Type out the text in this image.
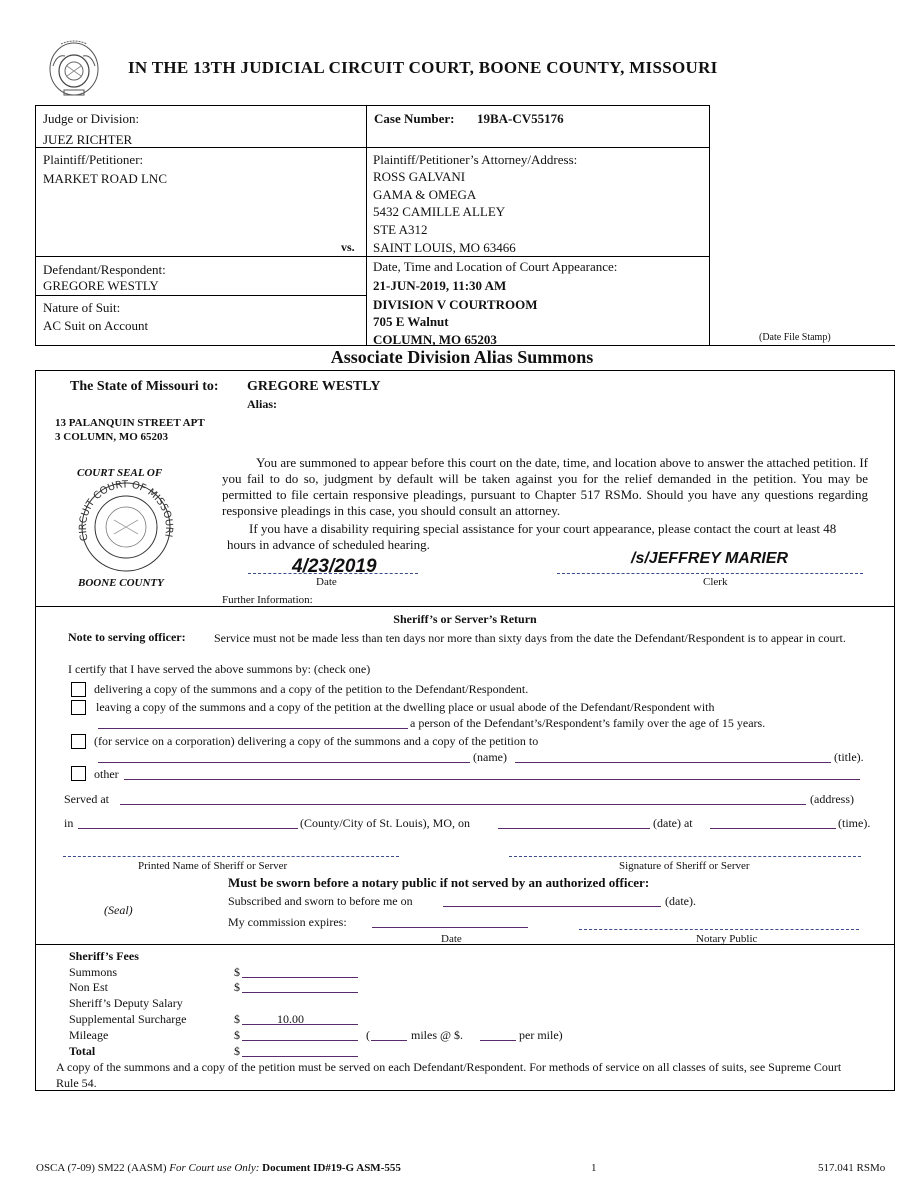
IN THE 13TH JUDICIAL CIRCUIT COURT, BOONE COUNTY, MISSOURI
Judge or Division:
JUEZ RICHTER
Case Number: 19BA-CV55176
Plaintiff/Petitioner:
MARKET ROAD LNC
vs.
Plaintiff/Petitioner’s Attorney/Address:
ROSS GALVANI
GAMA & OMEGA
5432 CAMILLE ALLEY
STE A312
SAINT LOUIS, MO 63466
Defendant/Respondent:
GREGORE WESTLY
Nature of Suit:
AC Suit on Account
Date, Time and Location of Court Appearance:
21-JUN-2019, 11:30 AM
DIVISION V COURTROOM
705 E Walnut
COLUMN, MO 65203	(Date File Stamp)
Associate Division Alias Summons
The State of Missouri to: GREGORE WESTLY
Alias:
13 PALANQUIN STREET APT
3 COLUMN, MO 65203
COURT SEAL OF
CIRCUIT COURT OF MISSOURI
BOONE COUNTY
You are summoned to appear before this court on the date, time, and location above to answer the attached petition. If you fail to do so, judgment by default will be taken against you for the relief demanded in the petition. You may be permitted to file certain responsive pleadings, pursuant to Chapter 517 RSMo. Should you have any questions regarding responsive pleadings in this case, you should consult an attorney.
If you have a disability requiring special assistance for your court appearance, please contact the court at least 48 hours in advance of scheduled hearing.
4/23/2019
Date
/s/JEFFREY MARIER
Clerk
Further Information:
Sheriff’s or Server’s Return
Note to serving officer: Service must not be made less than ten days nor more than sixty days from the date the Defendant/Respondent is to appear in court.
I certify that I have served the above summons by: (check one)
delivering a copy of the summons and a copy of the petition to the Defendant/Respondent.
leaving a copy of the summons and a copy of the petition at the dwelling place or usual abode of the Defendant/Respondent with
a person of the Defendant’s/Respondent’s family over the age of 15 years.
(for service on a corporation) delivering a copy of the summons and a copy of the petition to
(name)	(title).
other
Served at	(address)
in	(County/City of St. Louis), MO, on	(date) at	(time).
Printed Name of Sheriff or Server	Signature of Sheriff or Server
Must be sworn before a notary public if not served by an authorized officer:
Subscribed and sworn to before me on	(date).
(Seal)
My commission expires:
Date	Notary Public
Sheriff’s Fees
Summons	$
Non Est	$
Sheriff’s Deputy Salary
Supplemental Surcharge	$	10.00
Mileage	$	(	miles @ $.	per mile)
Total	$
A copy of the summons and a copy of the petition must be served on each Defendant/Respondent. For methods of service on all classes of suits, see Supreme Court Rule 54.
OSCA (7-09) SM22 (AASM) For Court use Only: Document ID#19-G ASM-555	1	517.041 RSMo
